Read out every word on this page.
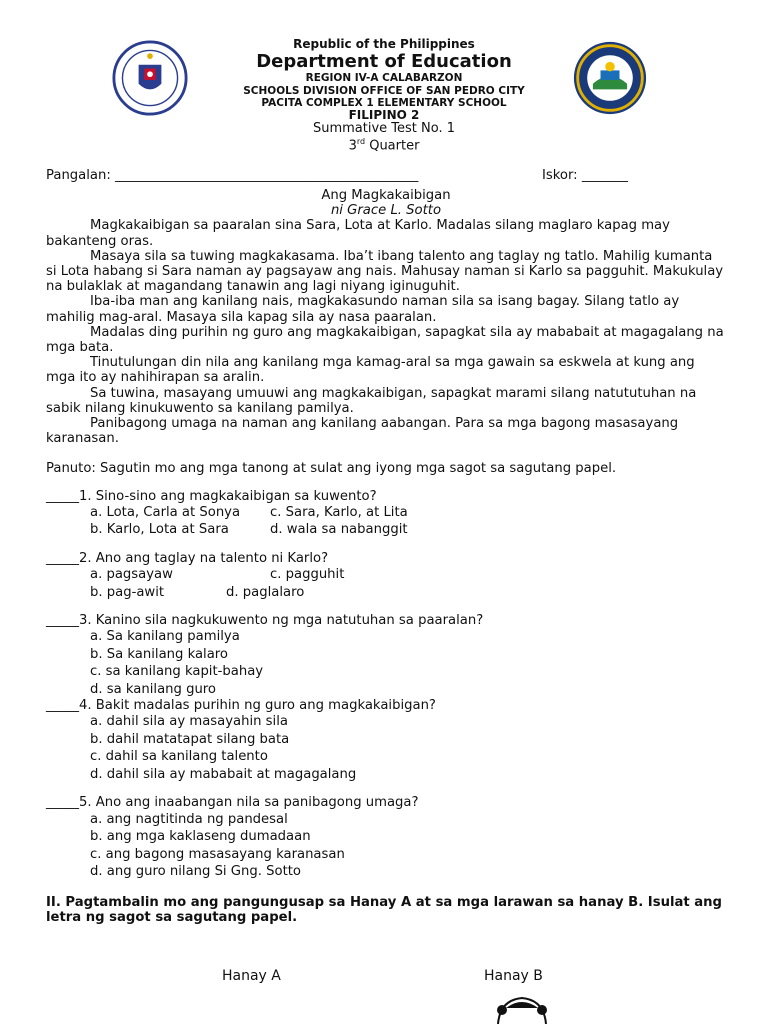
Republic of the Philippines
Department of Education
REGION IV-A CALABARZON
SCHOOLS DIVISION OFFICE OF SAN PEDRO CITY
PACITA COMPLEX 1 ELEMENTARY SCHOOL
FILIPINO 2
Summative Test No. 1
3rd Quarter
Pangalan: ______________________________________________	Iskor: _______
Ang Magkakaibigan
ni Grace L. Sotto

Magkakaibigan sa paaralan sina Sara, Lota at Karlo. Madalas silang maglaro kapag may bakanteng oras.

Masaya sila sa tuwing magkakasama. Iba’t ibang talento ang taglay ng tatlo. Mahilig kumanta si Lota habang si Sara naman ay pagsayaw ang nais. Mahusay naman si Karlo sa pagguhit. Makukulay na bulaklak at magandang tanawin ang lagi niyang iginuguhit.

Iba-iba man ang kanilang nais, magkakasundo naman sila sa isang bagay. Silang tatlo ay mahilig mag-aral. Masaya sila kapag sila ay nasa paaralan.

Madalas ding purihin ng guro ang magkakaibigan, sapagkat sila ay mababait at magagalang na mga bata.

Tinutulungan din nila ang kanilang mga kamag-aral sa mga gawain sa eskwela at kung ang mga ito ay nahihirapan sa aralin.

Sa tuwina, masayang umuuwi ang magkakaibigan, sapagkat marami silang natututuhan na sabik nilang kinukuwento sa kanilang pamilya.

Panibagong umaga na naman ang kanilang aabangan. Para sa mga bagong masasayang karanasan.

Panuto: Sagutin mo ang mga tanong at sulat ang iyong mga sagot sa sagutang papel.

_____1. Sino-sino ang magkakaibigan sa kuwento?

a. Lota, Carla at Sonya c. Sara, Karlo, at Lita
b. Karlo, Lota at Sara	d. wala sa nabanggit

_____2. Ano ang taglay na talento ni Karlo?

a. pagsayaw	c. pagguhit
b. pag-awit	d. paglalaro

_____3. Kanino sila nagkukuwento ng mga natutuhan sa paaralan?

a. Sa kanilang pamilya
b. Sa kanilang kalaro
c. sa kanilang kapit-bahay
d. sa kanilang guro

_____4. Bakit madalas purihin ng guro ang magkakaibigan?

a. dahil sila ay masayahin sila
b. dahil matatapat silang bata
c. dahil sa kanilang talento
d. dahil sila ay mababait at magagalang

_____5. Ano ang inaabangan nila sa panibagong umaga?

a. ang nagtitinda ng pandesal
b. ang mga kaklaseng dumadaan
c. ang bagong masasayang karanasan
d. ang guro nilang Si Gng. Sotto

II. Pagtambalin mo ang pangungusap sa Hanay A at sa mga larawan sa hanay B. Isulat ang letra ng sagot sa sagutang papel.

Hanay A	Hanay B
